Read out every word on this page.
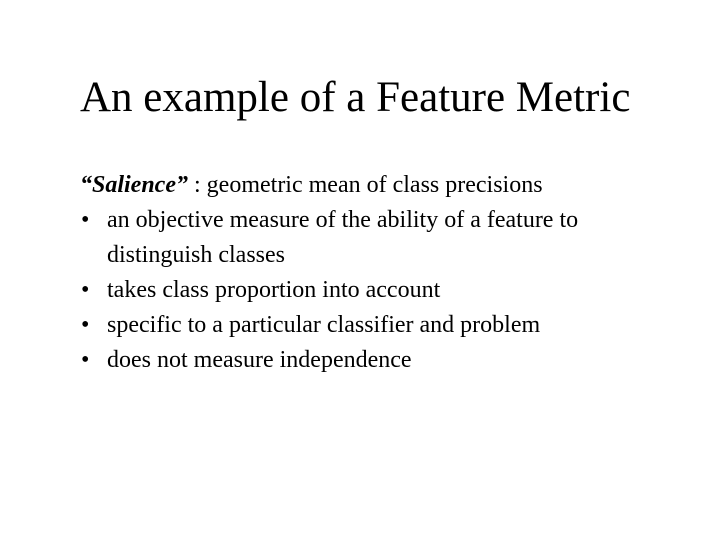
An example of a Feature Metric
“Salience” : geometric mean of class precisions
• an objective measure of the ability of a feature to distinguish classes
• takes class proportion into account
• specific to a particular classifier and problem
• does not measure independence
